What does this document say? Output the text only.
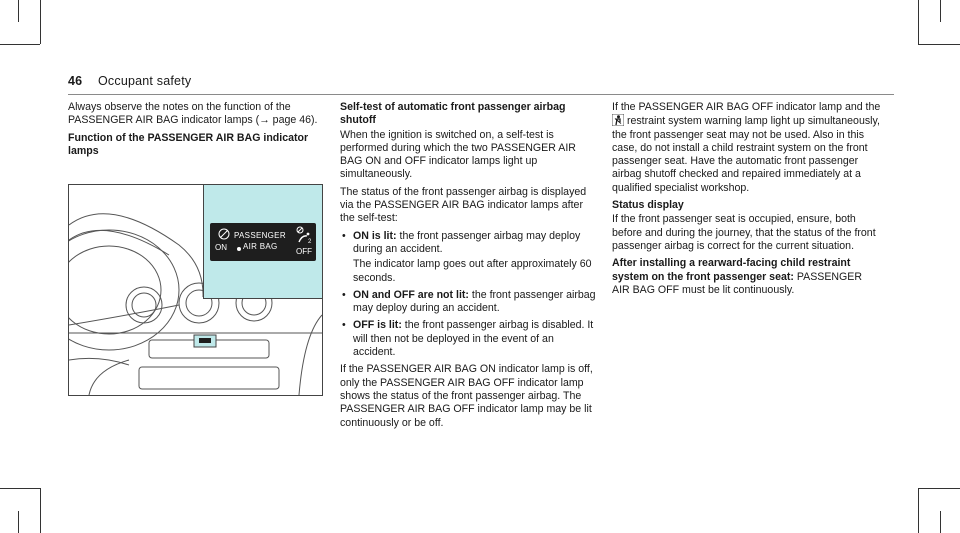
46 Occupant safety

Always observe the notes on the function of the PASSENGER AIR BAG indicator lamps (→ page 46).

Function of the PASSENGER AIR BAG indicator lamps

PASSENGER
AIR BAG
ON
2
OFF

Self-test of automatic front passenger airbag shutoff

When the ignition is switched on, a self-test is performed during which the two PASSENGER AIR BAG ON and OFF indicator lamps light up simultaneously.

The status of the front passenger airbag is displayed via the PASSENGER AIR BAG indicator lamps after the self-test:

• ON is lit: the front passenger airbag may deploy during an accident.
The indicator lamp goes out after approximately 60 seconds.
• ON and OFF are not lit: the front passenger airbag may deploy during an accident.
• OFF is lit: the front passenger airbag is disabled. It will then not be deployed in the event of an accident.

If the PASSENGER AIR BAG ON indicator lamp is off, only the PASSENGER AIR BAG OFF indicator lamp shows the status of the front passenger airbag. The PASSENGER AIR BAG OFF indicator lamp may be lit continuously or be off.

If the PASSENGER AIR BAG OFF indicator lamp and the  restraint system warning lamp light up simultaneously, the front passenger seat may not be used. Also in this case, do not install a child restraint system on the front passenger seat. Have the automatic front passenger airbag shutoff checked and repaired immediately at a qualified specialist workshop.

Status display

If the front passenger seat is occupied, ensure, both before and during the journey, that the status of the front passenger airbag is correct for the current situation.

After installing a rearward-facing child restraint system on the front passenger seat: PASSENGER AIR BAG OFF must be lit continuously.
